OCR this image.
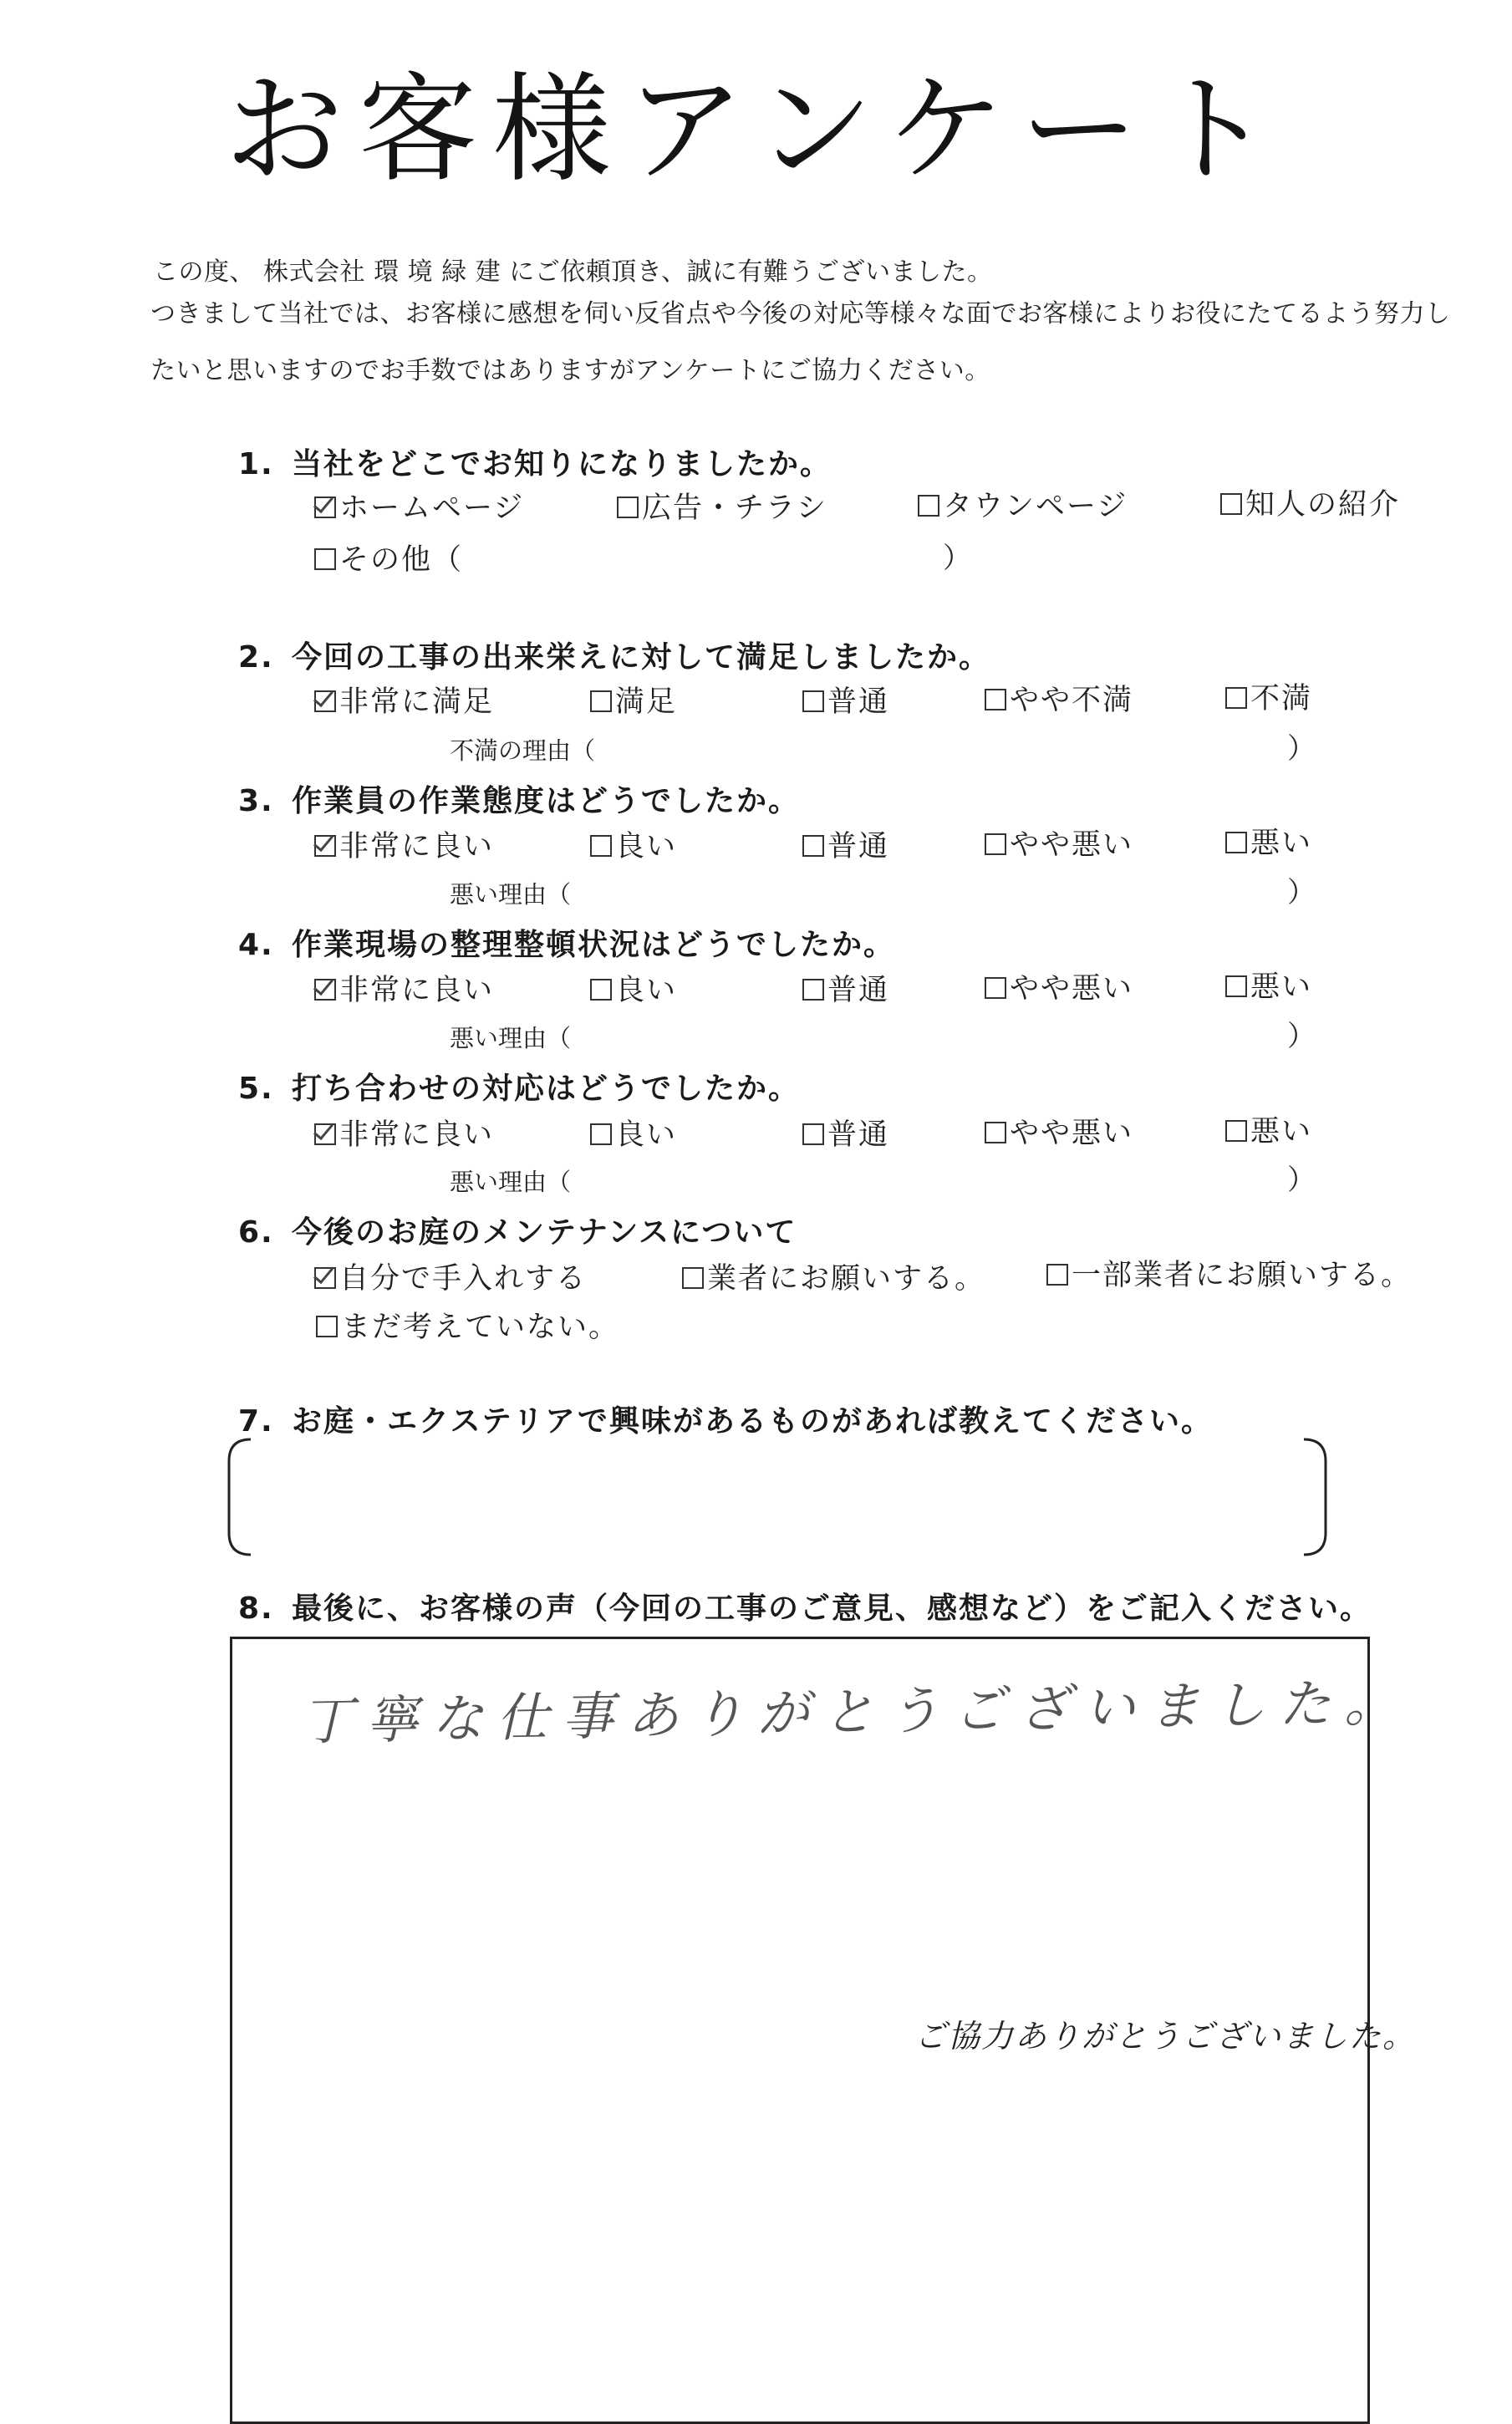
お客様アンケート
この度、 株式会社 環 境 緑 建 にご依頼頂き、誠に有難うございました。
つきまして当社では、お客様に感想を伺い反省点や今後の対応等様々な面でお客様によりお役にたてるよう努力し
たいと思いますのでお手数ではありますがアンケートにご協力ください。
1. 当社をどこでお知りになりましたか。
ホームページ	広告・チラシ	タウンページ	知人の紹介
その他（	）
2. 今回の工事の出来栄えに対して満足しましたか。
非常に満足	満足	普通	やや不満	不満
不満の理由（	）
3. 作業員の作業態度はどうでしたか。
非常に良い	良い	普通	やや悪い	悪い
悪い理由（	）
4. 作業現場の整理整頓状況はどうでしたか。
非常に良い	良い	普通	やや悪い	悪い
悪い理由（	）
5. 打ち合わせの対応はどうでしたか。
非常に良い	良い	普通	やや悪い	悪い
悪い理由（	）
6. 今後のお庭のメンテナンスについて
自分で手入れする	業者にお願いする。	一部業者にお願いする。
まだ考えていない。
7. お庭・エクステリアで興味があるものがあれば教えてください。
8. 最後に、お客様の声（今回の工事のご意見、感想など）をご記入ください。
丁寧な仕事ありがとうございました。
ご協力ありがとうございました。
